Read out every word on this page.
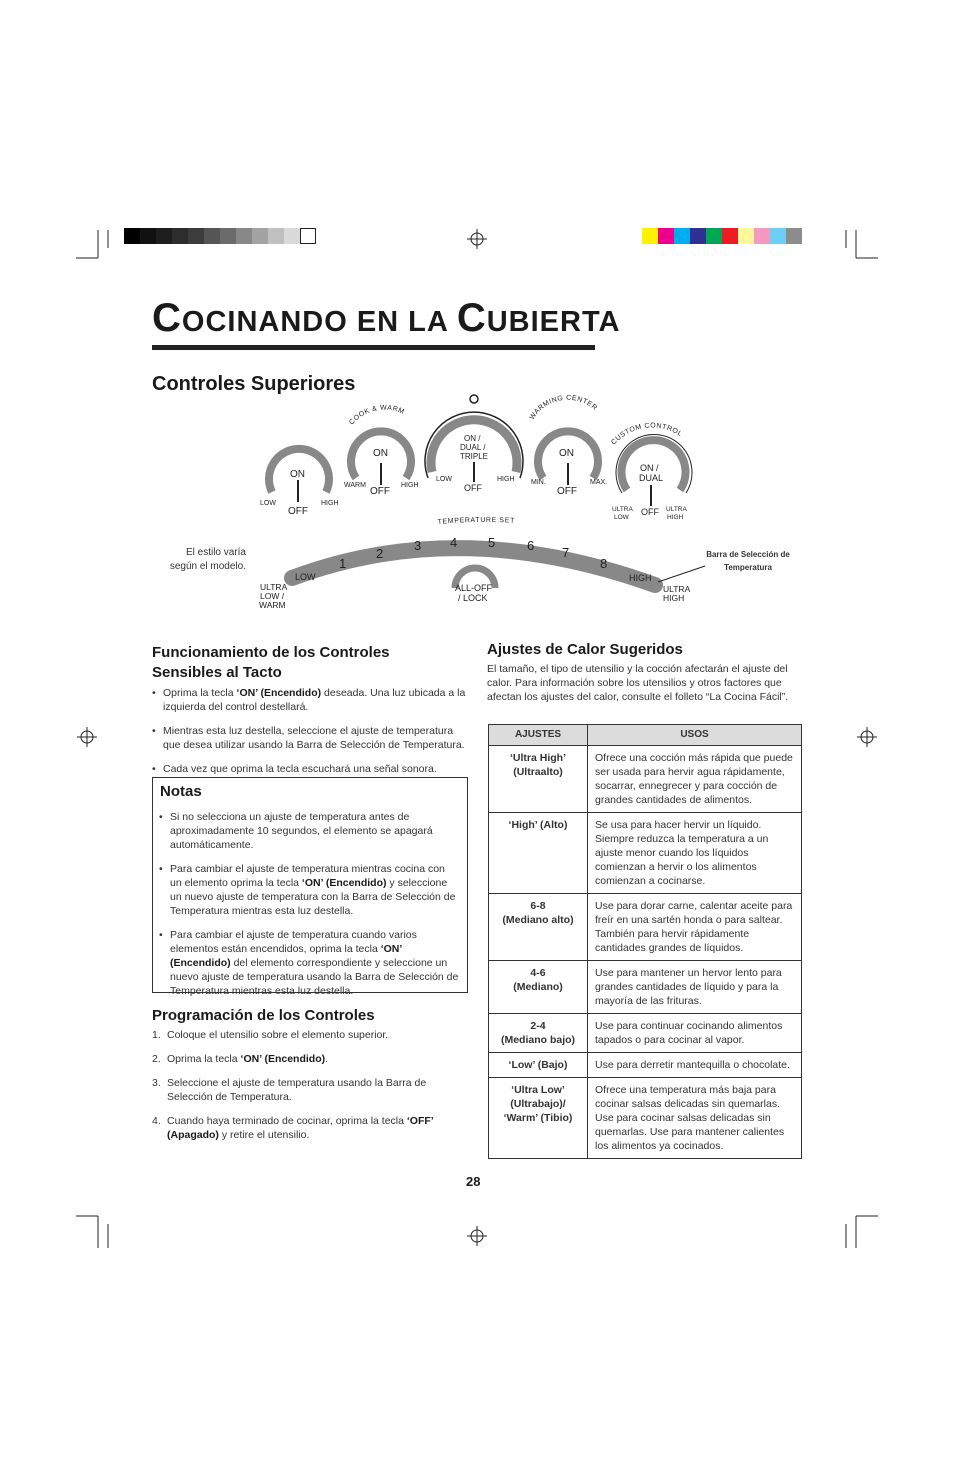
COCINANDO EN LA CUBIERTA
Controles Superiores
ON
OFF
LOW	HIGH
COOK & WARM
ON
OFF
WARM	HIGH
ON /
DUAL /
TRIPLE
OFF
LOW	HIGH
WARMING CENTER
ON
OFF
MIN.	MAX.
CUSTOM CONTROL
ON /
DUAL
OFF
ULTRA
LOW
ULTRA
HIGH
TEMPERATURE SET
1
2
3 4 5 6 7
8
LOW	HIGH
ULTRA
LOW /
WARM
ULTRA
HIGH
ALL-OFF
/ LOCK
El estilo varía
según el modelo.
Barra de Selección de
Temperatura
Funcionamiento de los Controles
Sensibles al Tacto
• Oprima la tecla ‘ON’ (Encendido) deseada. Una luz ubicada a la izquierda del control destellará.
• Mientras esta luz destella, seleccione el ajuste de temperatura que desea utilizar usando la Barra de Selección de Temperatura.
• Cada vez que oprima la tecla escuchará una señal sonora.
Notas
• Si no selecciona un ajuste de temperatura antes de aproximadamente 10 segundos, el elemento se apagará automáticamente.
• Para cambiar el ajuste de temperatura mientras cocina con un elemento oprima la tecla ‘ON’ (Encendido) y seleccione un nuevo ajuste de temperatura con la Barra de Selección de Temperatura mientras esta luz destella.
• Para cambiar el ajuste de temperatura cuando varios elementos están encendidos, oprima la tecla ‘ON’ (Encendido) del elemento correspondiente y seleccione un nuevo ajuste de temperatura usando la Barra de Selección de Temperatura mientras esta luz destella.
Programación de los Controles
1. Coloque el utensilio sobre el elemento superior.
2. Oprima la tecla ‘ON’ (Encendido).
3. Seleccione el ajuste de temperatura usando la Barra de Selección de Temperatura.
4. Cuando haya terminado de cocinar, oprima la tecla ‘OFF’ (Apagado) y retire el utensilio.
Ajustes de Calor Sugeridos
El tamaño, el tipo de utensilio y la cocción afectarán el ajuste del calor. Para información sobre los utensilios y otros factores que afectan los ajustes del calor, consulte el folleto “La Cocina Fácil”.
AJUSTES	USOS

‘Ultra High’
(Ultraalto)	Ofrece una cocción más rápida que puede ser usada para hervir agua rápidamente, socarrar, ennegrecer y para cocción de grandes cantidades de alimentos.

‘High’ (Alto)	Se usa para hacer hervir un líquido. Siempre reduzca la temperatura a un ajuste menor cuando los líquidos comienzan a hervir o los alimentos comienzan a cocinarse.

6-8
(Mediano alto)	Use para dorar carne, calentar aceite para freír en una sartén honda o para saltear. También para hervir rápidamente cantidades grandes de líquidos.

4-6
(Mediano)	Use para mantener un hervor lento para grandes cantidades de líquido y para la mayoría de las frituras.

2-4
(Mediano bajo)	Use para continuar cocinando alimentos tapados o para cocinar al vapor.

‘Low’ (Bajo)	Use para derretir mantequilla o chocolate.

‘Ultra Low’
(Ultrabajo)/
‘Warm’ (Tibio)	Ofrece una temperatura más baja para cocinar salsas delicadas sin quemarlas. Use para cocinar salsas delicadas sin quemarlas. Use para mantener calientes los alimentos ya cocinados.
28
